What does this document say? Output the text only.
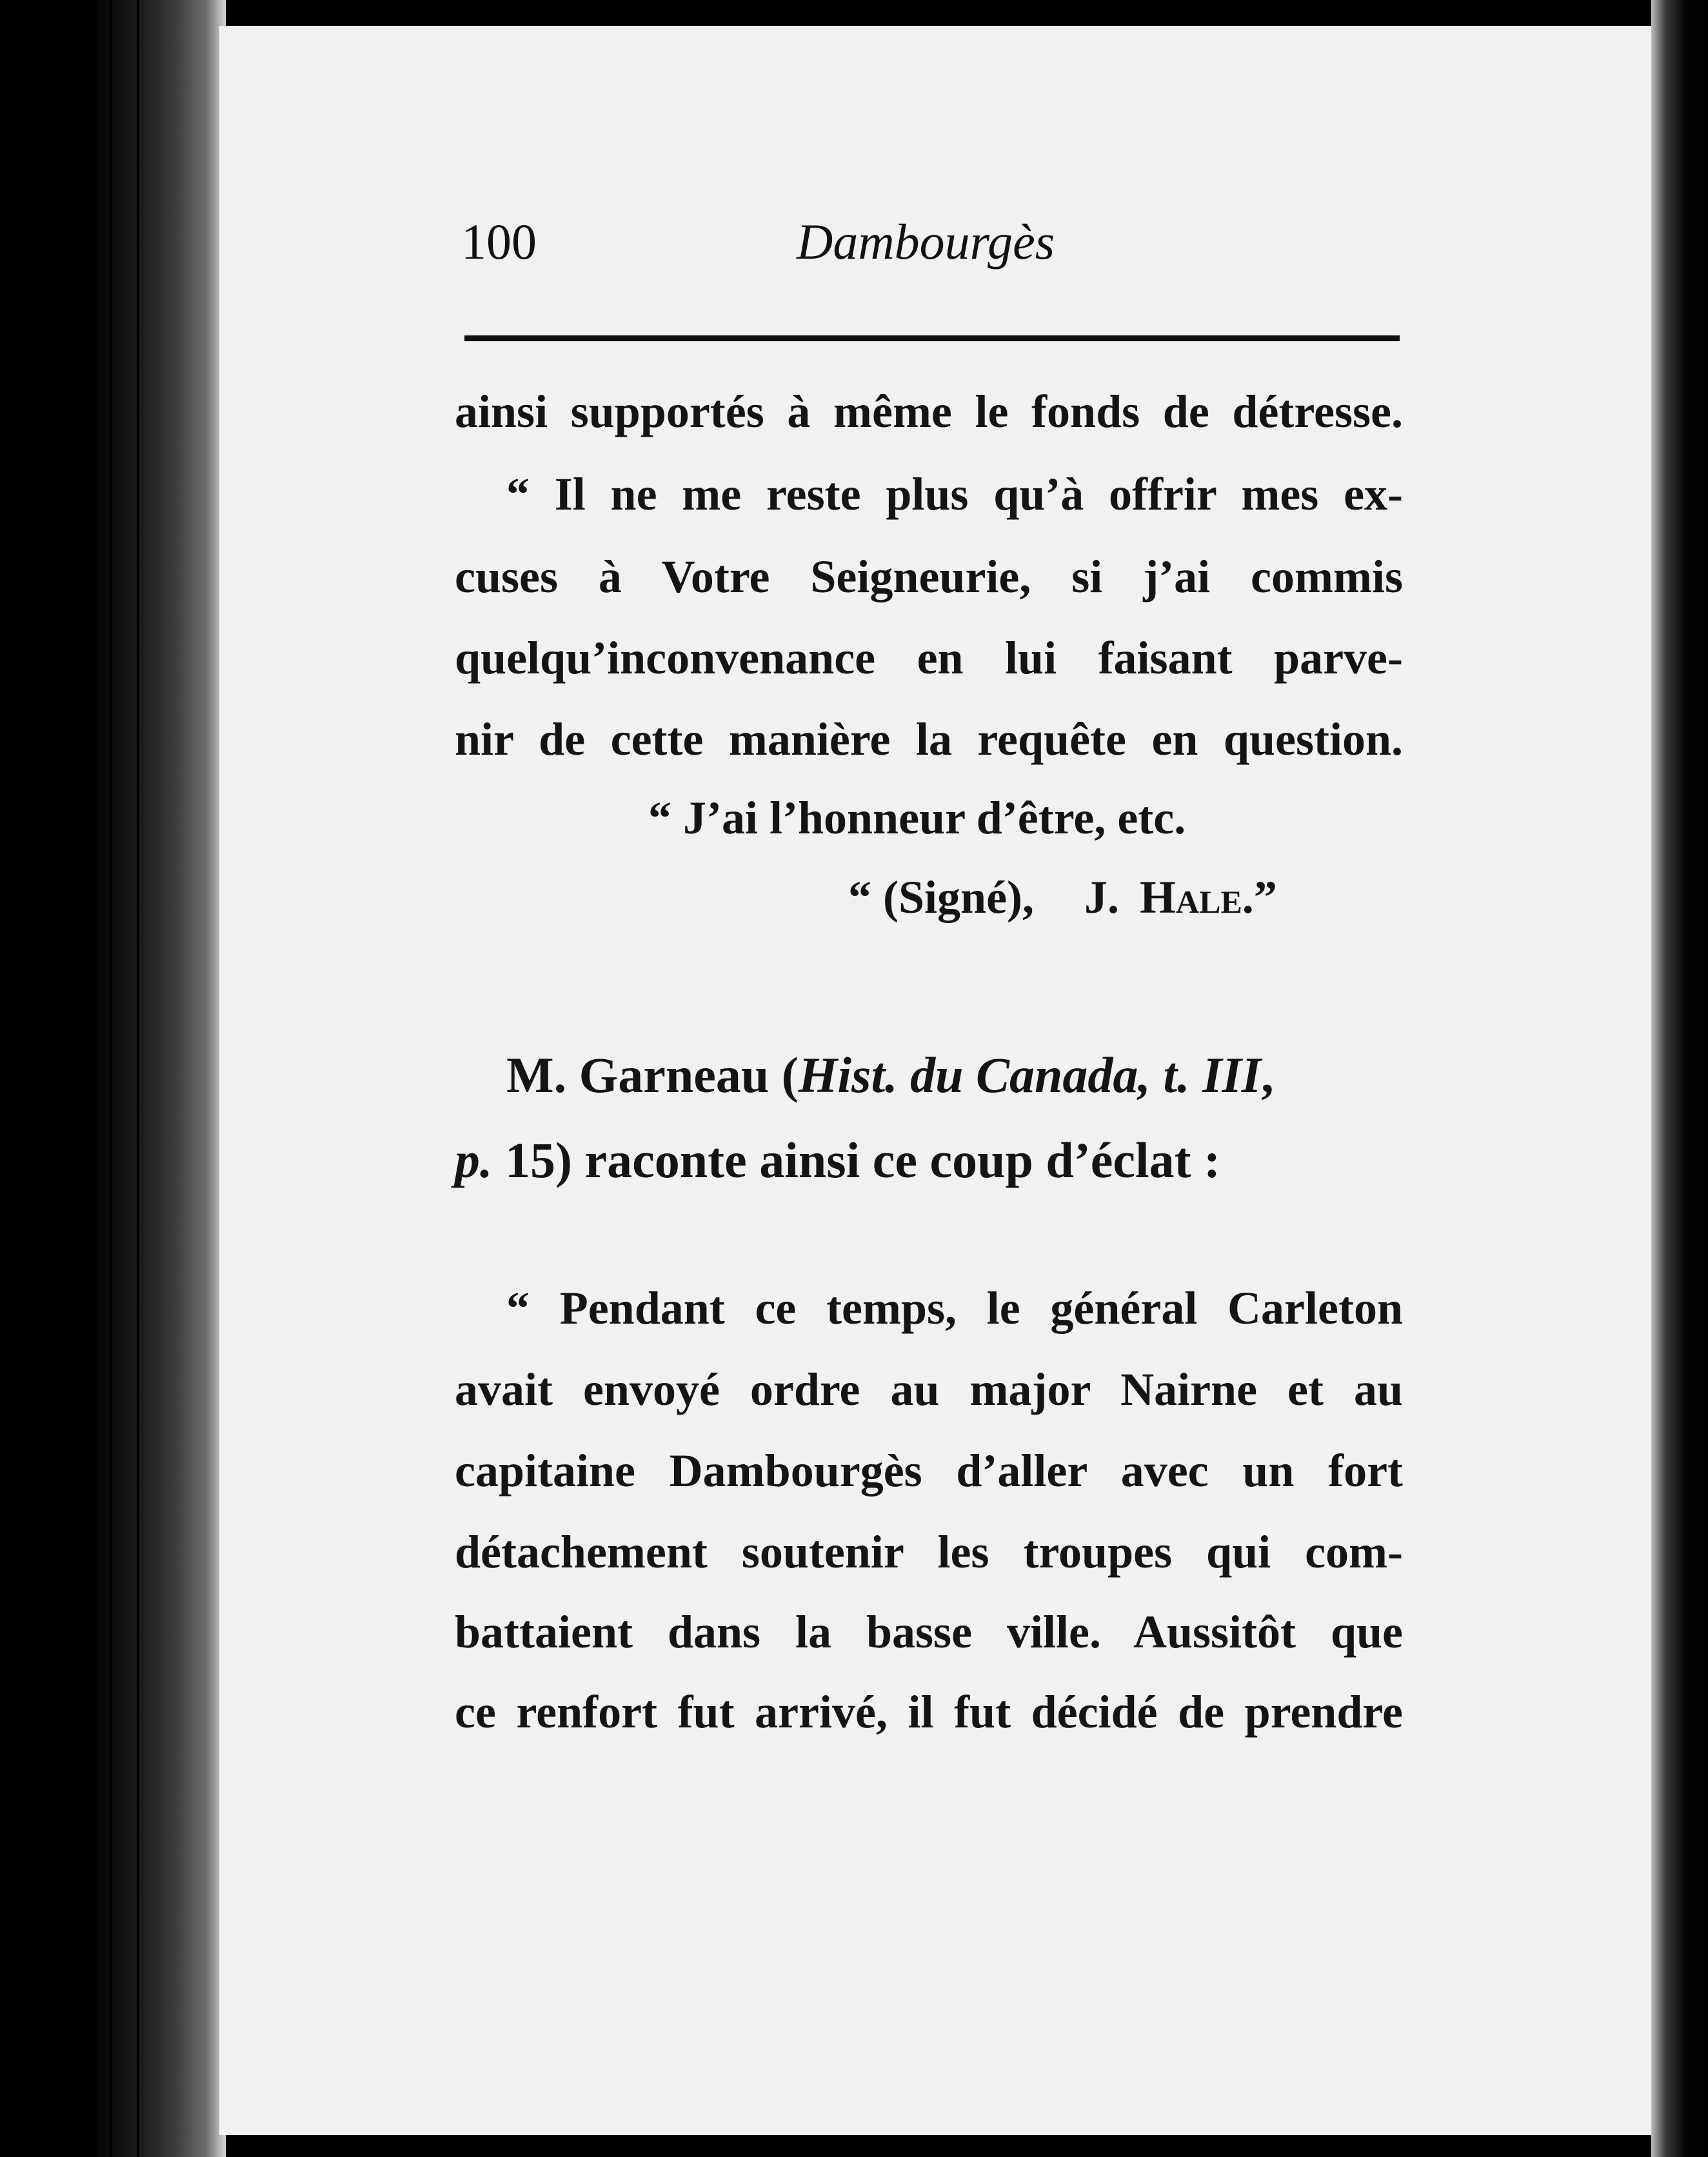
100	Dambourgès
ainsi supportés à même le fonds de détresse.
“ Il ne me reste plus qu’à offrir mes ex-
cuses à Votre Seigneurie, si j’ai commis
quelqu’inconvenance en lui faisant parve-
nir de cette manière la requête en question.
“ J’ai l’honneur d’être, etc.
“ (Signé), J. Hale.”
M. Garneau (Hist. du Canada, t. III,
p. 15) raconte ainsi ce coup d’éclat :
“ Pendant ce temps, le général Carleton
avait envoyé ordre au major Nairne et au
capitaine Dambourgès d’aller avec un fort
détachement soutenir les troupes qui com-
battaient dans la basse ville. Aussitôt que
ce renfort fut arrivé, il fut décidé de prendre
